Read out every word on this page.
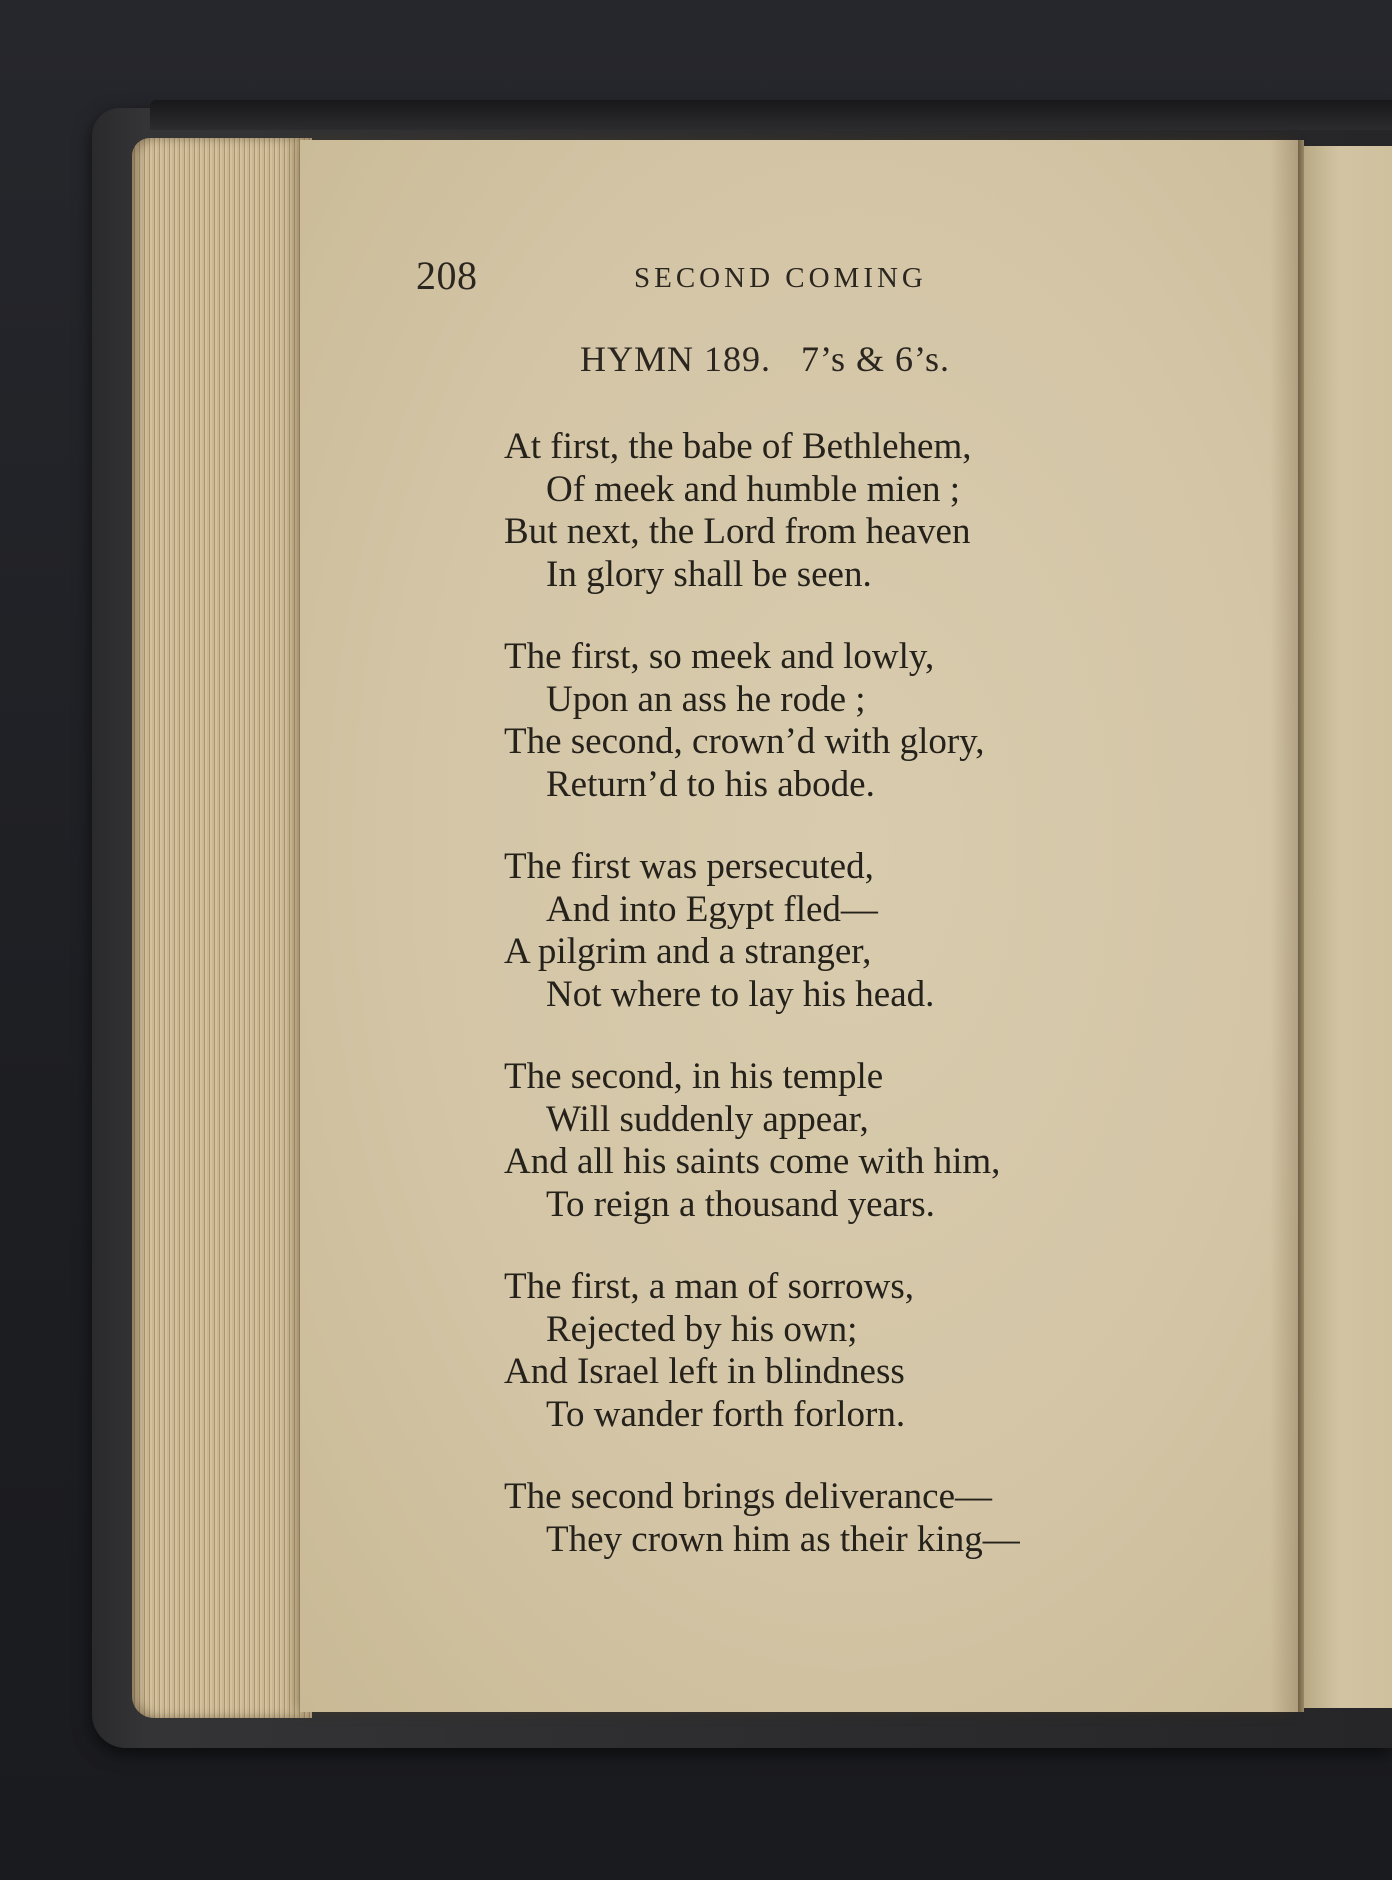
208	SECOND COMING
HYMN 189.   7’s & 6’s.
At first, the babe of Bethlehem,
Of meek and humble mien ;
But next, the Lord from heaven
In glory shall be seen.
The first, so meek and lowly,
Upon an ass he rode ;
The second, crown’d with glory,
Return’d to his abode.
The first was persecuted,
And into Egypt fled—
A pilgrim and a stranger,
Not where to lay his head.
The second, in his temple
Will suddenly appear,
And all his saints come with him,
To reign a thousand years.
The first, a man of sorrows,
Rejected by his own;
And Israel left in blindness
To wander forth forlorn.
The second brings deliverance—
They crown him as their king—
